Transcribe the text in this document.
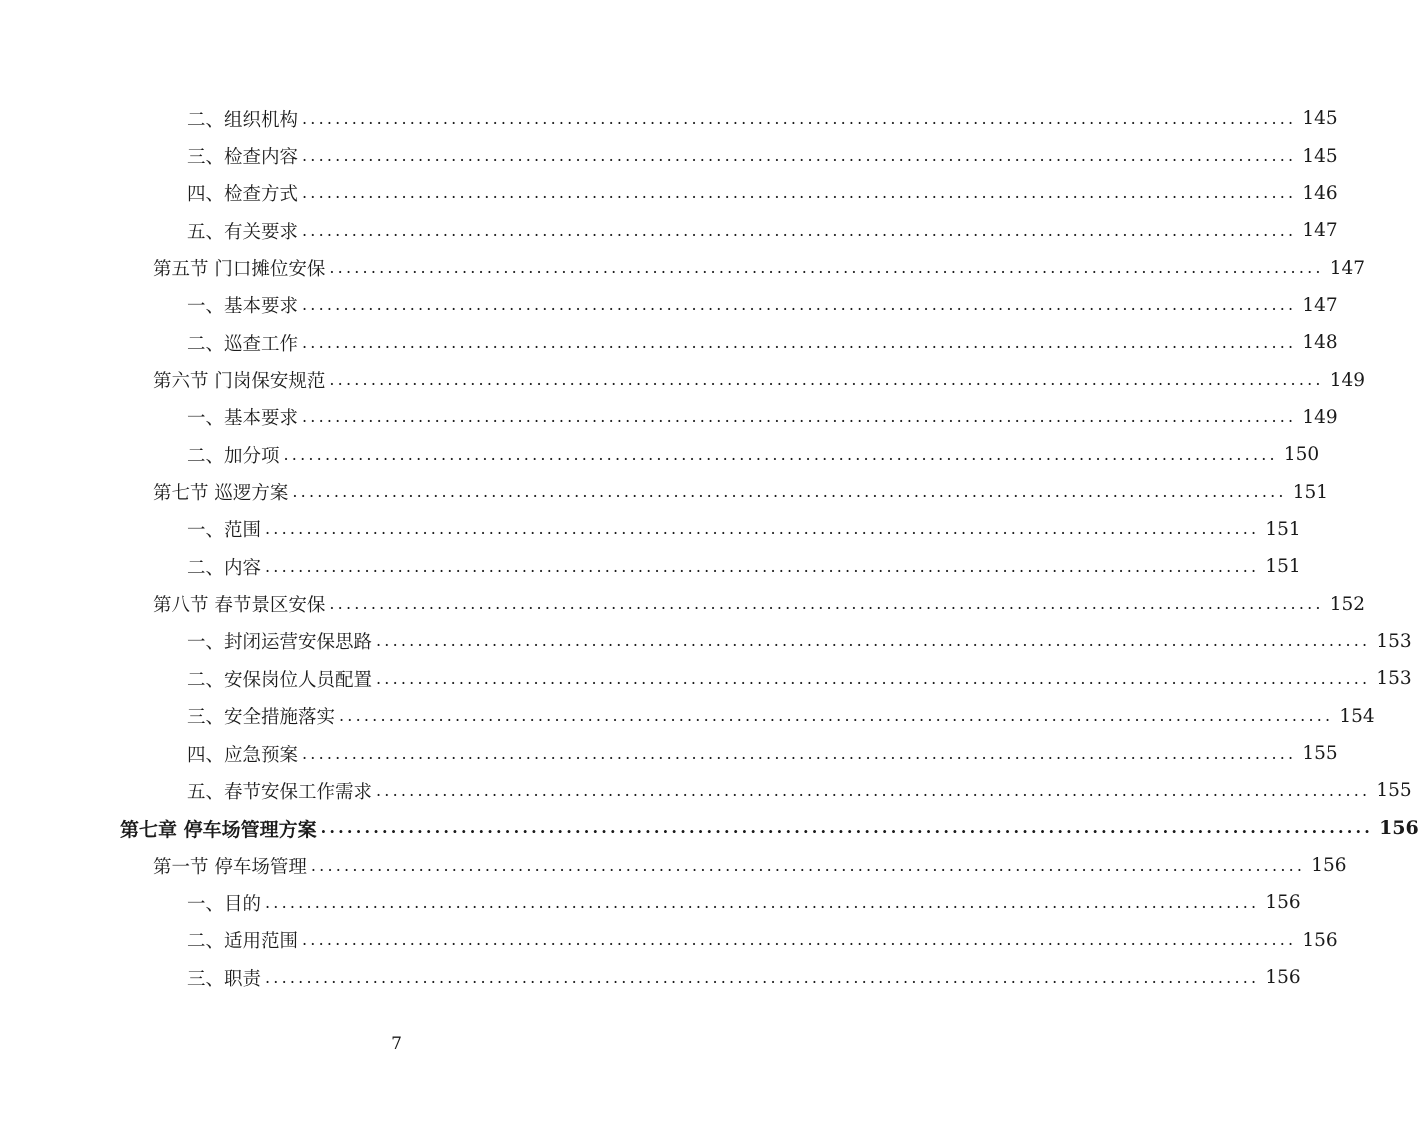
二、组织机构 ........................................................................................................................ 145
三、检查内容 ........................................................................................................................ 145
四、检查方式 ........................................................................................................................ 146
五、有关要求 ........................................................................................................................ 147
第五节 门口摊位安保 ........................................................................................................................ 147
一、基本要求 ........................................................................................................................ 147
二、巡查工作 ........................................................................................................................ 148
第六节 门岗保安规范 ........................................................................................................................ 149
一、基本要求 ........................................................................................................................ 149
二、加分项 ........................................................................................................................ 150
第七节 巡逻方案 ........................................................................................................................ 151
一、范围 ........................................................................................................................ 151
二、内容 ........................................................................................................................ 151
第八节 春节景区安保 ........................................................................................................................ 152
一、封闭运营安保思路 ........................................................................................................................ 153
二、安保岗位人员配置 ........................................................................................................................ 153
三、安全措施落实 ........................................................................................................................ 154
四、应急预案 ........................................................................................................................ 155
五、春节安保工作需求 ........................................................................................................................ 155
第七章 停车场管理方案 ........................................................................................................................ 156
第一节 停车场管理 ........................................................................................................................ 156
一、目的 ........................................................................................................................ 156
二、适用范围 ........................................................................................................................ 156
三、职责 ........................................................................................................................ 156
7
